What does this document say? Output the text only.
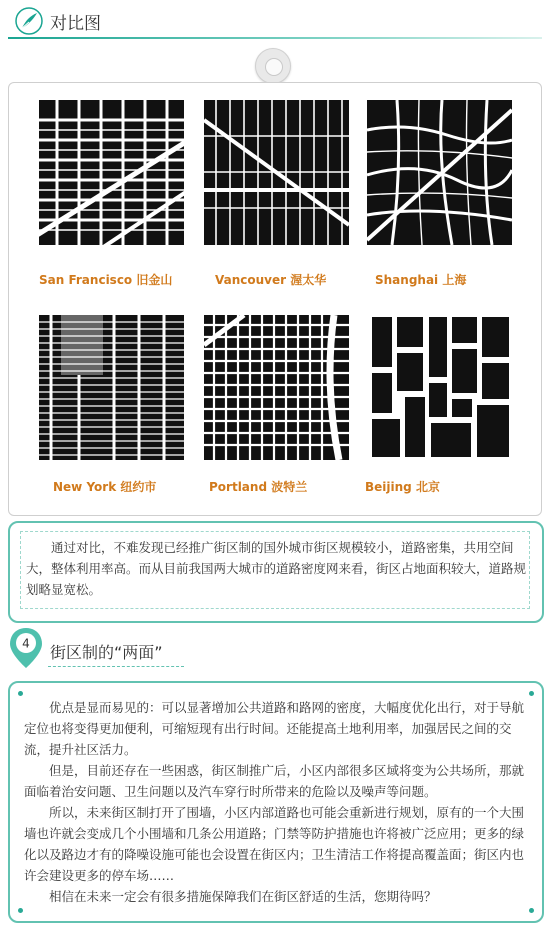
对比图
San Francisco 旧金山	Vancouver 渥太华	Shanghai 上海
New York 纽约市	Portland 波特兰	Beijing 北京

通过对比，不难发现已经推广街区制的国外城市街区规模较小，道路密集，共用空间大，整体利用率高。而从目前我国两大城市的道路密度网来看，街区占地面积较大，道路规划略显宽松。

4 街区制的“两面”

优点是显而易见的：可以显著增加公共道路和路网的密度，大幅度优化出行，对于导航定位也将变得更加便利，可缩短现有出行时间。还能提高土地利用率，加强居民之间的交流，提升社区活力。

但是，目前还存在一些困惑，街区制推广后，小区内部很多区域将变为公共场所，那就面临着治安问题、卫生问题以及汽车穿行时所带来的危险以及噪声等问题。

所以，未来街区制打开了围墙，小区内部道路也可能会重新进行规划，原有的一个大围墙也许就会变成几个小围墙和几条公用道路；门禁等防护措施也许将被广泛应用；更多的绿化以及路边才有的降噪设施可能也会设置在街区内；卫生清洁工作将提高覆盖面；街区内也许会建设更多的停车场……

相信在未来一定会有很多措施保障我们在街区舒适的生活，您期待吗？
